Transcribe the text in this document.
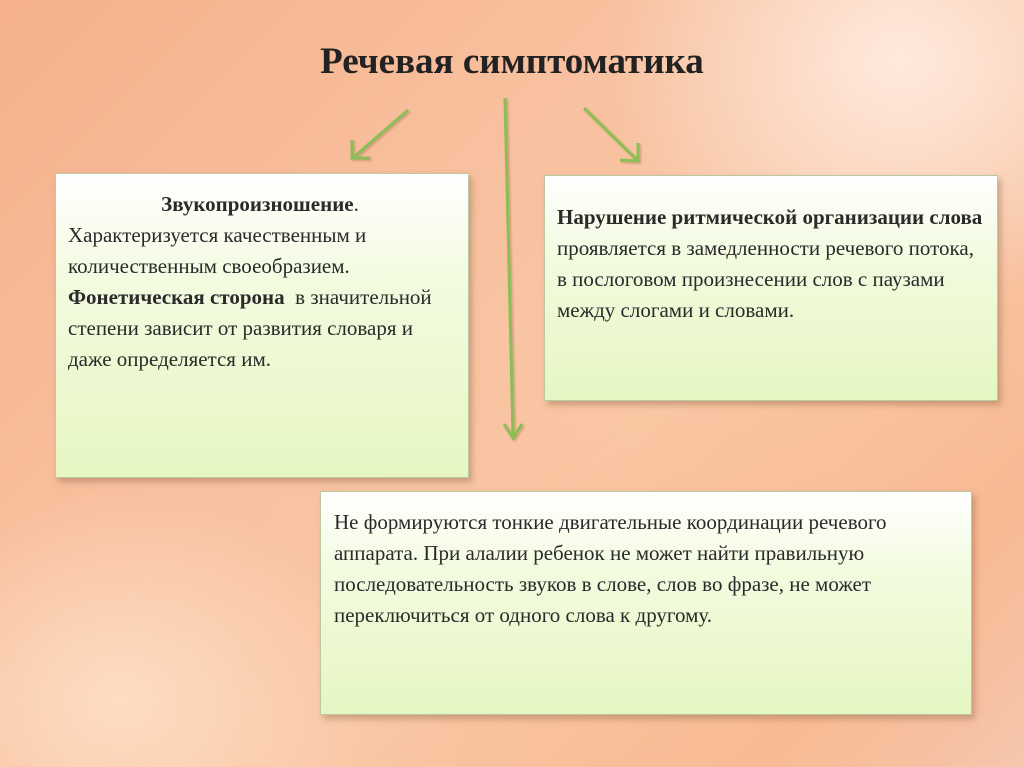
Речевая симптоматика
Звукопроизношение.
Характеризуется качественным и количественным своеобразием. Фонетическая сторона в значительной степени зависит от развития словаря и даже определяется им.
Нарушение ритмической организации слова проявляется в замедленности речевого потока, в послоговом произнесении слов с паузами между слогами и словами.
Не формируются тонкие двигательные координации речевого аппарата. При алалии ребенок не может найти правильную последовательность звуков в слове, слов во фразе, не может переключиться от одного слова к другому.
